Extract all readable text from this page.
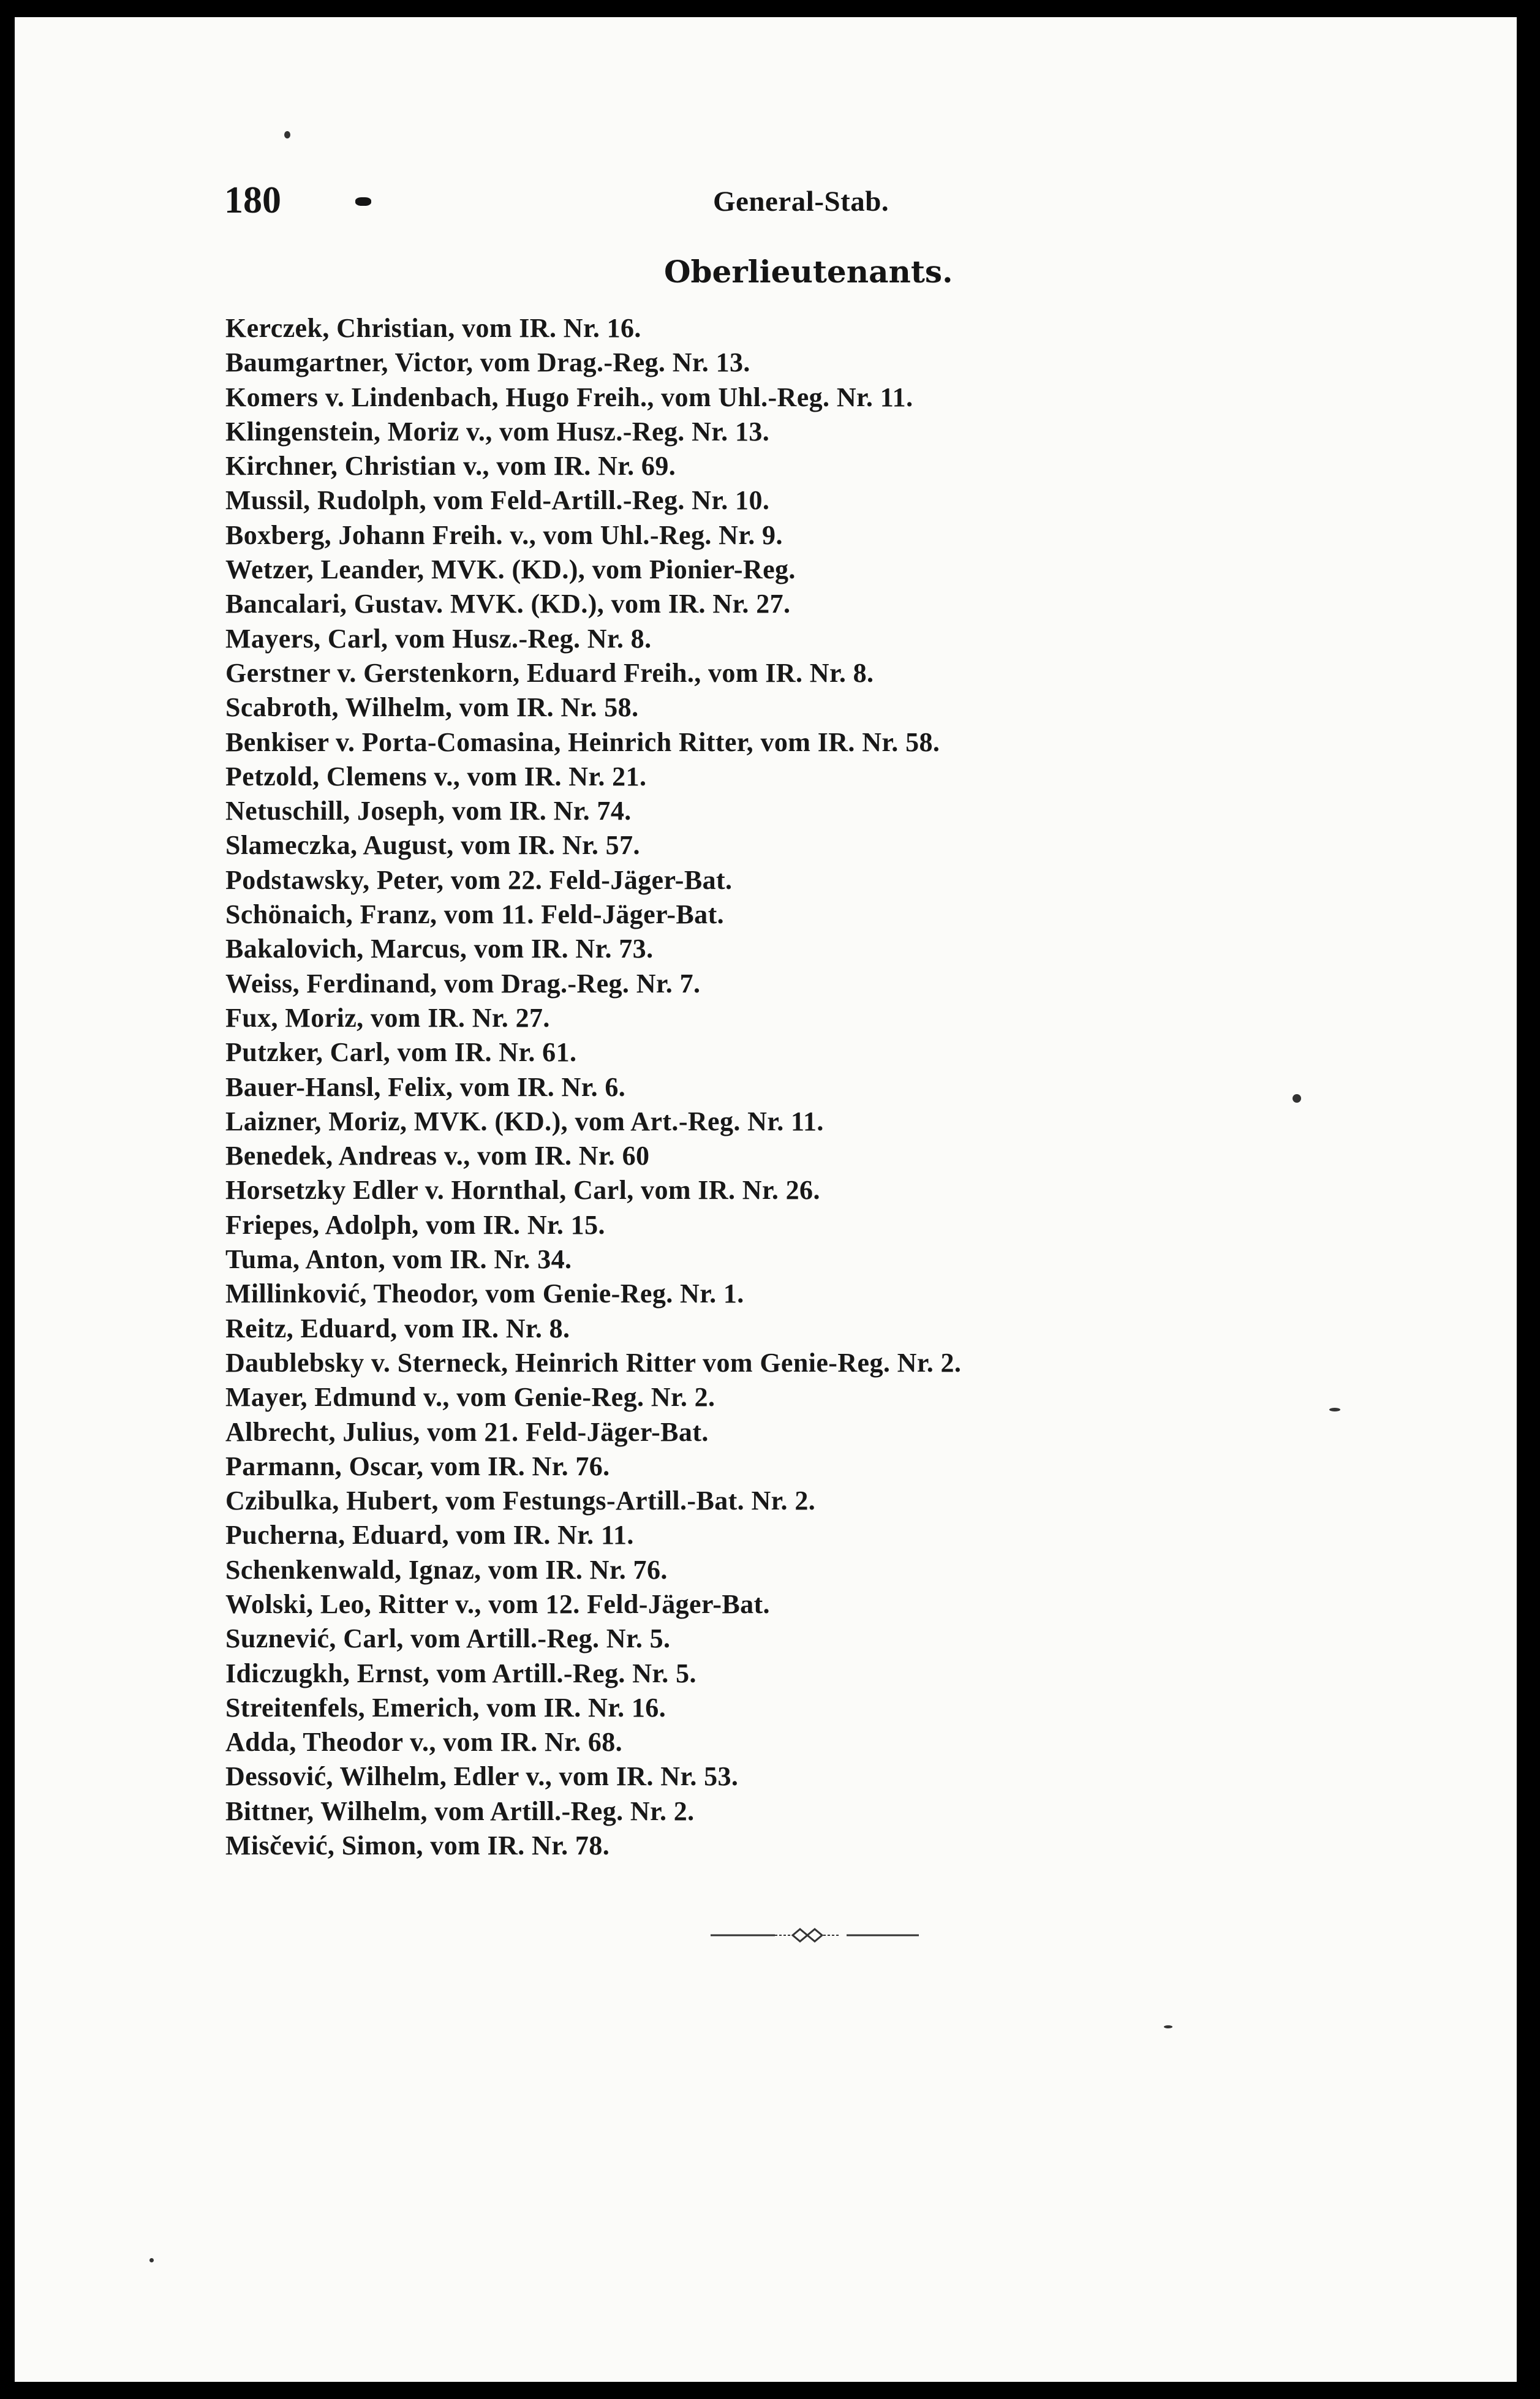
180	General-Stab.
Oberlieutenants.
Kerczek, Christian, vom IR. Nr. 16.
Baumgartner, Victor, vom Drag.-Reg. Nr. 13.
Komers v. Lindenbach, Hugo Freih., vom Uhl.-Reg. Nr. 11.
Klingenstein, Moriz v., vom Husz.-Reg. Nr. 13.
Kirchner, Christian v., vom IR. Nr. 69.
Mussil, Rudolph, vom Feld-Artill.-Reg. Nr. 10.
Boxberg, Johann Freih. v., vom Uhl.-Reg. Nr. 9.
Wetzer, Leander, MVK. (KD.), vom Pionier-Reg.
Bancalari, Gustav. MVK. (KD.), vom IR. Nr. 27.
Mayers, Carl, vom Husz.-Reg. Nr. 8.
Gerstner v. Gerstenkorn, Eduard Freih., vom IR. Nr. 8.
Scabroth, Wilhelm, vom IR. Nr. 58.
Benkiser v. Porta-Comasina, Heinrich Ritter, vom IR. Nr. 58.
Petzold, Clemens v., vom IR. Nr. 21.
Netuschill, Joseph, vom IR. Nr. 74.
Slameczka, August, vom IR. Nr. 57.
Podstawsky, Peter, vom 22. Feld-Jäger-Bat.
Schönaich, Franz, vom 11. Feld-Jäger-Bat.
Bakalovich, Marcus, vom IR. Nr. 73.
Weiss, Ferdinand, vom Drag.-Reg. Nr. 7.
Fux, Moriz, vom IR. Nr. 27.
Putzker, Carl, vom IR. Nr. 61.
Bauer-Hansl, Felix, vom IR. Nr. 6.
Laizner, Moriz, MVK. (KD.), vom Art.-Reg. Nr. 11.
Benedek, Andreas v., vom IR. Nr. 60
Horsetzky Edler v. Hornthal, Carl, vom IR. Nr. 26.
Friepes, Adolph, vom IR. Nr. 15.
Tuma, Anton, vom IR. Nr. 34.
Millinković, Theodor, vom Genie-Reg. Nr. 1.
Reitz, Eduard, vom IR. Nr. 8.
Daublebsky v. Sterneck, Heinrich Ritter vom Genie-Reg. Nr. 2.
Mayer, Edmund v., vom Genie-Reg. Nr. 2.
Albrecht, Julius, vom 21. Feld-Jäger-Bat.
Parmann, Oscar, vom IR. Nr. 76.
Czibulka, Hubert, vom Festungs-Artill.-Bat. Nr. 2.
Pucherna, Eduard, vom IR. Nr. 11.
Schenkenwald, Ignaz, vom IR. Nr. 76.
Wolski, Leo, Ritter v., vom 12. Feld-Jäger-Bat.
Suznević, Carl, vom Artill.-Reg. Nr. 5.
Idiczugkh, Ernst, vom Artill.-Reg. Nr. 5.
Streitenfels, Emerich, vom IR. Nr. 16.
Adda, Theodor v., vom IR. Nr. 68.
Dessović, Wilhelm, Edler v., vom IR. Nr. 53.
Bittner, Wilhelm, vom Artill.-Reg. Nr. 2.
Misčević, Simon, vom IR. Nr. 78.
